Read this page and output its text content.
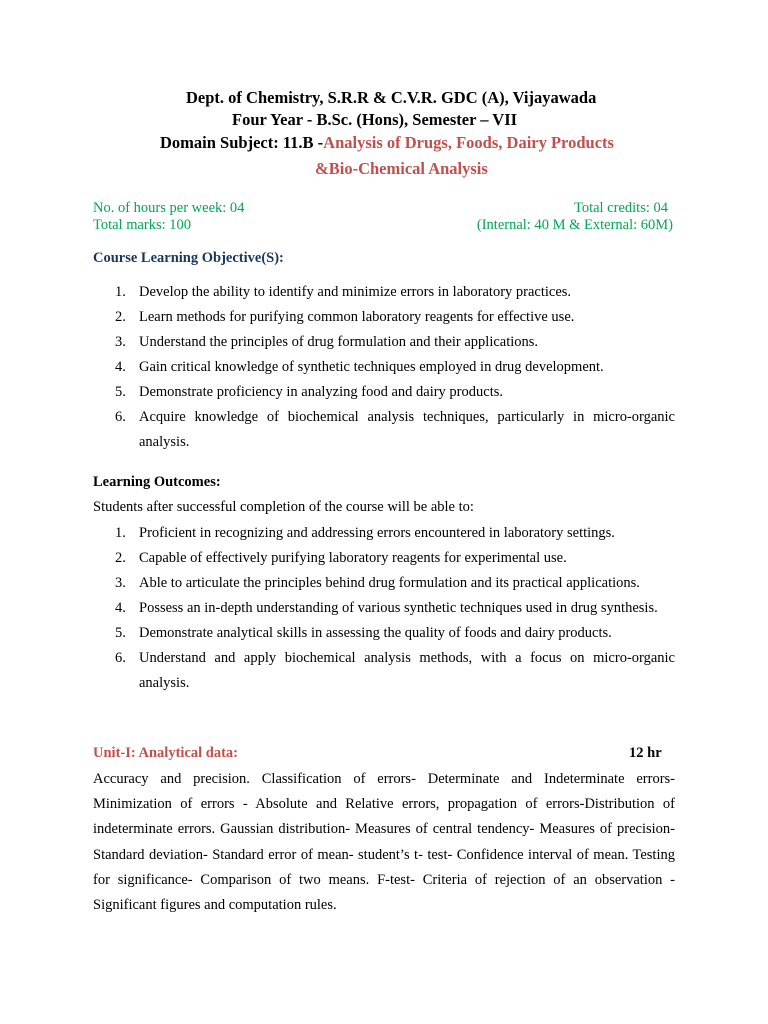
Dept. of Chemistry, S.R.R & C.V.R. GDC (A), Vijayawada
Four Year - B.Sc. (Hons), Semester – VII
Domain Subject: 11.B -Analysis of Drugs, Foods, Dairy Products
&Bio-Chemical Analysis
No. of hours per week: 04	Total credits: 04
Total marks: 100	(Internal: 40 M & External: 60M)
Course Learning Objective(S):
1. Develop the ability to identify and minimize errors in laboratory practices.
2. Learn methods for purifying common laboratory reagents for effective use.
3. Understand the principles of drug formulation and their applications.
4. Gain critical knowledge of synthetic techniques employed in drug development.
5. Demonstrate proficiency in analyzing food and dairy products.
6. Acquire knowledge of biochemical analysis techniques, particularly in micro-organic analysis.
Learning Outcomes:
Students after successful completion of the course will be able to:
1. Proficient in recognizing and addressing errors encountered in laboratory settings.
2. Capable of effectively purifying laboratory reagents for experimental use.
3. Able to articulate the principles behind drug formulation and its practical applications.
4. Possess an in-depth understanding of various synthetic techniques used in drug synthesis.
5. Demonstrate analytical skills in assessing the quality of foods and dairy products.
6. Understand and apply biochemical analysis methods, with a focus on micro-organic analysis.
Unit-I: Analytical data:	12 hr
Accuracy and precision. Classification of errors- Determinate and Indeterminate errors- Minimization of errors - Absolute and Relative errors, propagation of errors-Distribution of indeterminate errors. Gaussian distribution- Measures of central tendency- Measures of precision- Standard deviation- Standard error of mean- student’s t- test- Confidence interval of mean. Testing for significance- Comparison of two means. F-test- Criteria of rejection of an observation - Significant figures and computation rules.
